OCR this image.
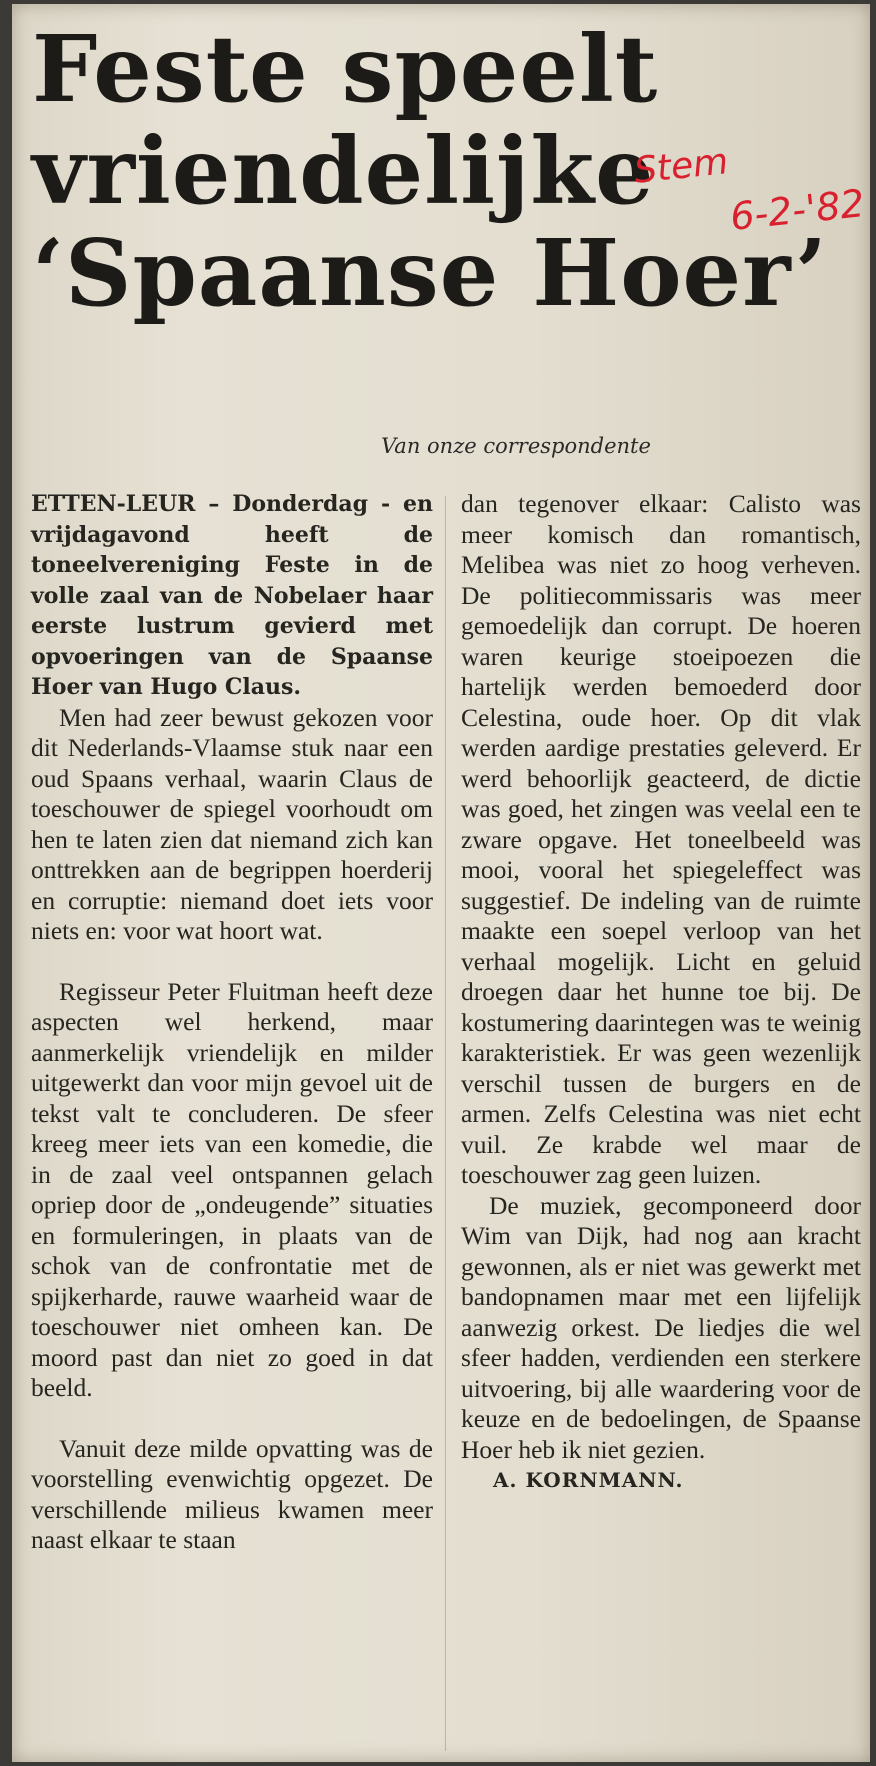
Feste speelt
vriendelijke
‘Spaanse Hoer’
Stem
6-2-'82
Van onze correspondente

ETTEN-LEUR – Donderdag - en vrijdagavond heeft de toneelvereniging Feste in de volle zaal van de Nobelaer haar eerste lustrum gevierd met opvoeringen van de Spaanse Hoer van Hugo Claus.

Men had zeer bewust gekozen voor dit Nederlands-Vlaamse stuk naar een oud Spaans verhaal, waarin Claus de toeschouwer de spiegel voorhoudt om hen te laten zien dat niemand zich kan onttrekken aan de begrippen hoerderij en corruptie: niemand doet iets voor niets en: voor wat hoort wat.

Regisseur Peter Fluitman heeft deze aspecten wel herkend, maar aanmerkelijk vriendelijk en milder uitgewerkt dan voor mijn gevoel uit de tekst valt te concluderen. De sfeer kreeg meer iets van een komedie, die in de zaal veel ontspannen gelach opriep door de „ondeugende” situaties en formuleringen, in plaats van de schok van de confrontatie met de spijkerharde, rauwe waarheid waar de toeschouwer niet omheen kan. De moord past dan niet zo goed in dat beeld.

Vanuit deze milde opvatting was de voorstelling evenwichtig opgezet. De verschillende milieus kwamen meer naast elkaar te staan

dan tegenover elkaar: Calisto was meer komisch dan romantisch, Melibea was niet zo hoog verheven. De politiecommissaris was meer gemoedelijk dan corrupt. De hoeren waren keurige stoeipoezen die hartelijk werden bemoederd door Celestina, oude hoer. Op dit vlak werden aardige prestaties geleverd. Er werd behoorlijk geacteerd, de dictie was goed, het zingen was veelal een te zware opgave. Het toneelbeeld was mooi, vooral het spiegeleffect was suggestief. De indeling van de ruimte maakte een soepel verloop van het verhaal mogelijk. Licht en geluid droegen daar het hunne toe bij. De kostumering daarintegen was te weinig karakteristiek. Er was geen wezenlijk verschil tussen de burgers en de armen. Zelfs Celestina was niet echt vuil. Ze krabde wel maar de toeschouwer zag geen luizen.

De muziek, gecomponeerd door Wim van Dijk, had nog aan kracht gewonnen, als er niet was gewerkt met bandopnamen maar met een lijfelijk aanwezig orkest. De liedjes die wel sfeer hadden, verdienden een sterkere uitvoering, bij alle waardering voor de keuze en de bedoelingen, de Spaanse Hoer heb ik niet gezien.

A. KORNMANN.
